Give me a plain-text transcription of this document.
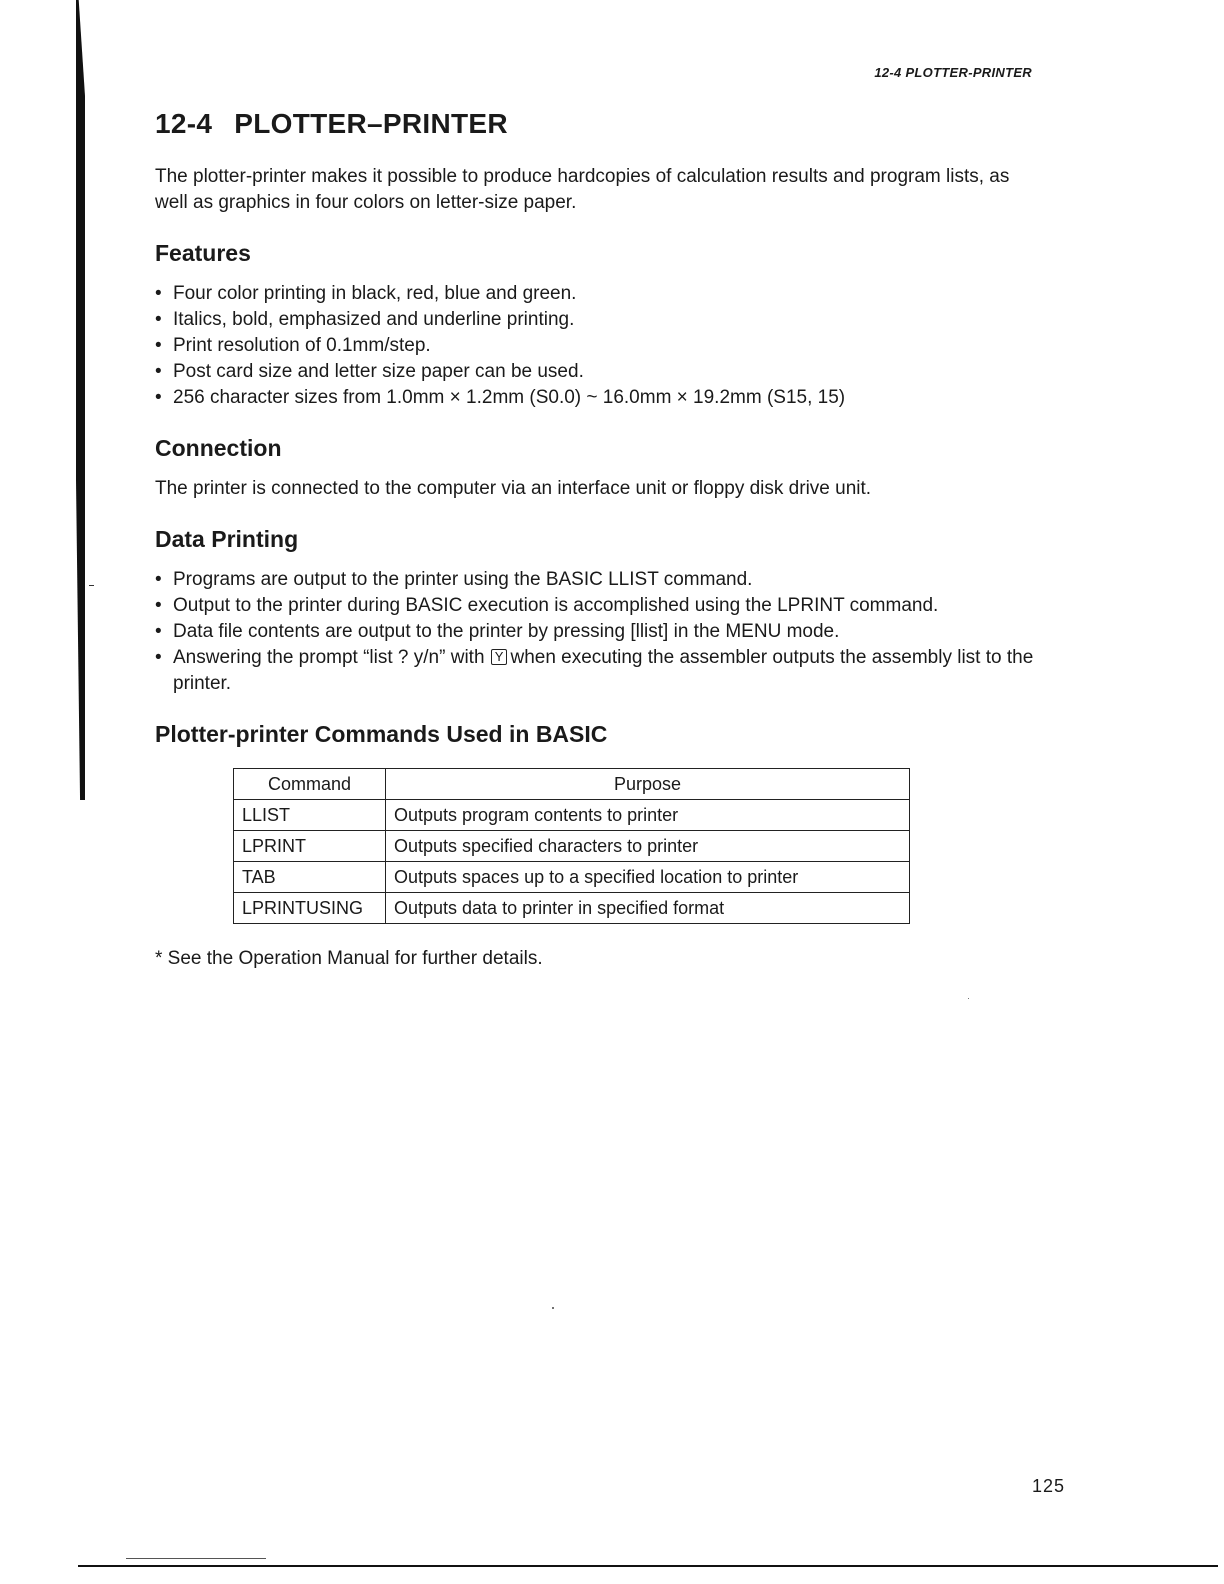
12-4 PLOTTER-PRINTER
12-4 PLOTTER–PRINTER

The plotter-printer makes it possible to produce hardcopies of calculation results and program lists, as well as graphics in four colors on letter-size paper.

Features
• Four color printing in black, red, blue and green.
• Italics, bold, emphasized and underline printing.
• Print resolution of 0.1mm/step.
• Post card size and letter size paper can be used.
• 256 character sizes from 1.0mm × 1.2mm (S0.0) ~ 16.0mm × 19.2mm (S15, 15)
Connection

The printer is connected to the computer via an interface unit or floppy disk drive unit.

Data Printing
• Programs are output to the printer using the BASIC LLIST command.
• Output to the printer during BASIC execution is accomplished using the LPRINT command.
• Data file contents are output to the printer by pressing [llist] in the MENU mode.
• Answering the prompt “list ? y/n” with Y when executing the assembler outputs the assembly list to the printer.
Plotter-printer Commands Used in BASIC
Command	Purpose
LLIST	Outputs program contents to printer
LPRINT	Outputs specified characters to printer
TAB	Outputs spaces up to a specified location to printer
LPRINTUSING	Outputs data to printer in specified format

* See the Operation Manual for further details.

125
